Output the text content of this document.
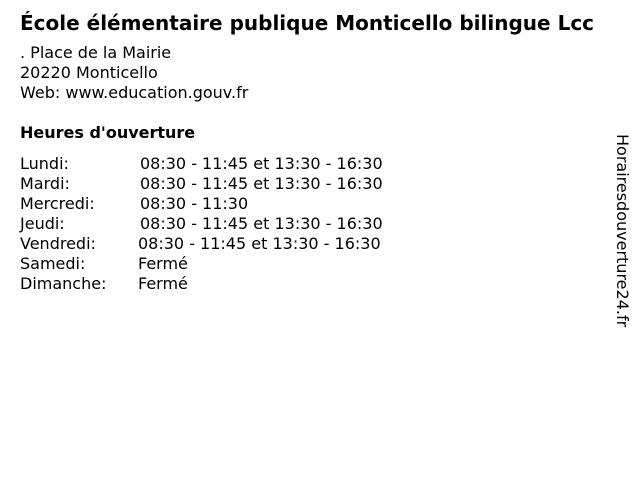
École élémentaire publique Monticello bilingue Lcc
. Place de la Mairie
20220 Monticello
Web: www.education.gouv.fr
Heures d'ouverture
Lundi:	08:30 - 11:45 et 13:30 - 16:30
Mardi:	08:30 - 11:45 et 13:30 - 16:30
Mercredi:	08:30 - 11:30
Jeudi:	08:30 - 11:45 et 13:30 - 16:30
Vendredi:	08:30 - 11:45 et 13:30 - 16:30
Samedi:	Fermé
Dimanche: Fermé	Horairesdouverture24.fr
